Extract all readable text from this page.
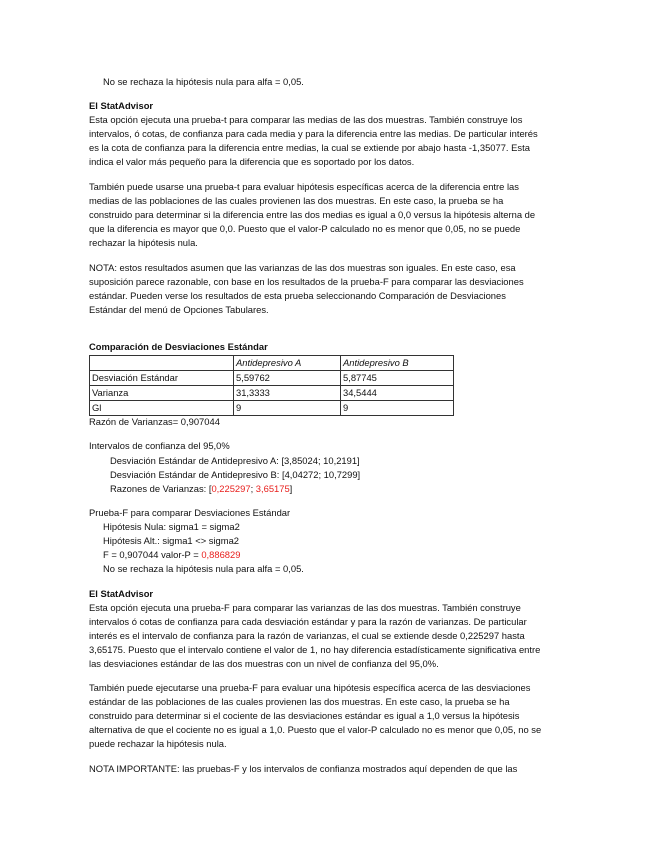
No se rechaza la hipótesis nula para alfa = 0,05.
El StatAdvisor
Esta opción ejecuta una prueba-t para comparar las medias de las dos muestras. También construye los
intervalos, ó cotas, de confianza para cada media y para la diferencia entre las medias. De particular interés
es la cota de confianza para la diferencia entre medias, la cual se extiende por abajo hasta -1,35077. Esta
indica el valor más pequeño para la diferencia que es soportado por los datos.
También puede usarse una prueba-t para evaluar hipótesis específicas acerca de la diferencia entre las
medias de las poblaciones de las cuales provienen las dos muestras. En este caso, la prueba se ha
construido para determinar si la diferencia entre las dos medias es igual a 0,0 versus la hipótesis alterna de
que la diferencia es mayor que 0,0. Puesto que el valor-P calculado no es menor que 0,05, no se puede
rechazar la hipótesis nula.
NOTA: estos resultados asumen que las varianzas de las dos muestras son iguales. En este caso, esa
suposición parece razonable, con base en los resultados de la prueba-F para comparar las desviaciones
estándar. Pueden verse los resultados de esta prueba seleccionando Comparación de Desviaciones
Estándar del menú de Opciones Tabulares.
Comparación de Desviaciones Estándar
	Antidepresivo A	Antidepresivo B
Desviación Estándar	5,59762	5,87745
Varianza	31,3333	34,5444
Gl	9	9
Razón de Varianzas= 0,907044
Intervalos de confianza del 95,0%
Desviación Estándar de Antidepresivo A: [3,85024; 10,2191]
Desviación Estándar de Antidepresivo B: [4,04272; 10,7299]
Razones de Varianzas: [0,225297; 3,65175]
Prueba-F para comparar Desviaciones Estándar
Hipótesis Nula: sigma1 = sigma2
Hipótesis Alt.: sigma1 <> sigma2
F = 0,907044 valor-P = 0,886829
No se rechaza la hipótesis nula para alfa = 0,05.
El StatAdvisor
Esta opción ejecuta una prueba-F para comparar las varianzas de las dos muestras. También construye
intervalos ó cotas de confianza para cada desviación estándar y para la razón de varianzas. De particular
interés es el intervalo de confianza para la razón de varianzas, el cual se extiende desde 0,225297 hasta
3,65175. Puesto que el intervalo contiene el valor de 1, no hay diferencia estadísticamente significativa entre
las desviaciones estándar de las dos muestras con un nivel de confianza del 95,0%.
También puede ejecutarse una prueba-F para evaluar una hipótesis específica acerca de las desviaciones
estándar de las poblaciones de las cuales provienen las dos muestras. En este caso, la prueba se ha
construido para determinar si el cociente de las desviaciones estándar es igual a 1,0 versus la hipótesis
alternativa de que el cociente no es igual a 1,0. Puesto que el valor-P calculado no es menor que 0,05, no se
puede rechazar la hipótesis nula.
NOTA IMPORTANTE: las pruebas-F y los intervalos de confianza mostrados aquí dependen de que las
